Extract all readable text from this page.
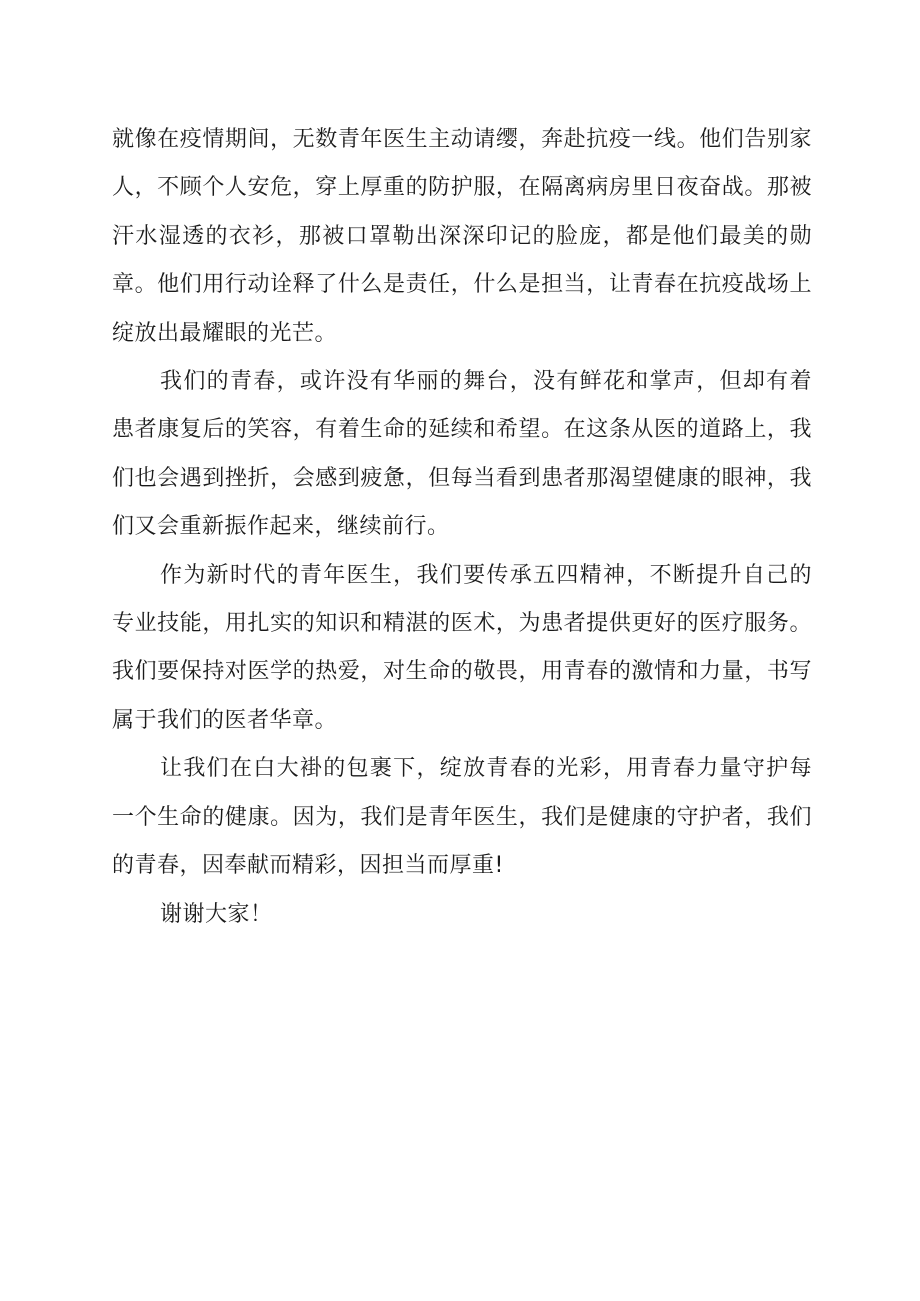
就像在疫情期间，无数青年医生主动请缨，奔赴抗疫一线。他们告别家人，不顾个人安危，穿上厚重的防护服，在隔离病房里日夜奋战。那被汗水湿透的衣衫，那被口罩勒出深深印记的脸庞，都是他们最美的勋章。他们用行动诠释了什么是责任，什么是担当，让青春在抗疫战场上绽放出最耀眼的光芒。

我们的青春，或许没有华丽的舞台，没有鲜花和掌声，但却有着患者康复后的笑容，有着生命的延续和希望。在这条从医的道路上，我们也会遇到挫折，会感到疲惫，但每当看到患者那渴望健康的眼神，我们又会重新振作起来，继续前行。

作为新时代的青年医生，我们要传承五四精神，不断提升自己的专业技能，用扎实的知识和精湛的医术，为患者提供更好的医疗服务。我们要保持对医学的热爱，对生命的敬畏，用青春的激情和力量，书写属于我们的医者华章。

让我们在白大褂的包裹下，绽放青春的光彩，用青春力量守护每一个生命的健康。因为，我们是青年医生，我们是健康的守护者，我们的青春，因奉献而精彩，因担当而厚重!

谢谢大家！
